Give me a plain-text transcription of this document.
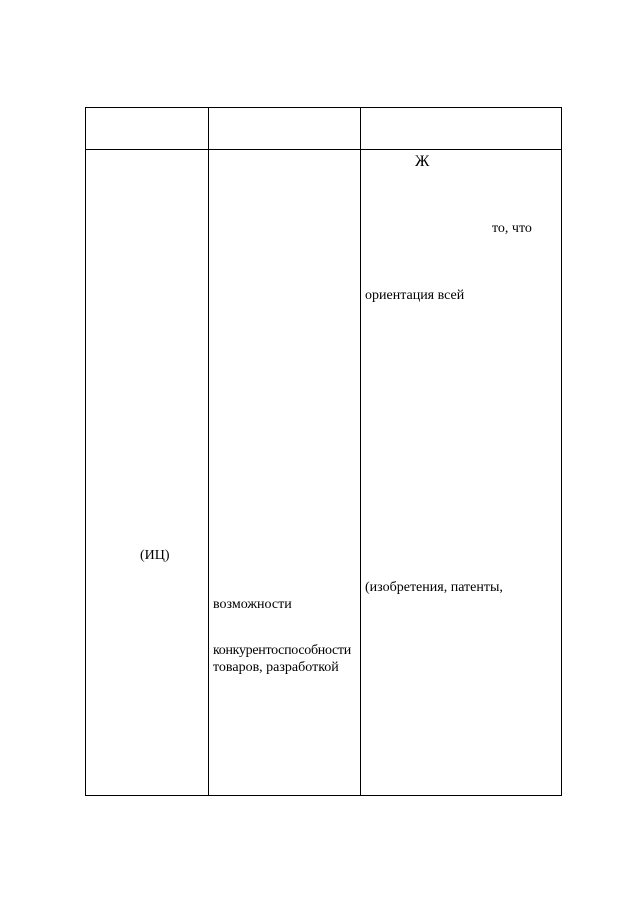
(ИЦ)
возможности
конкурентоспособности
товаров, разработкой
Ж
то, что
ориентация всей
(изобретения, патенты,
